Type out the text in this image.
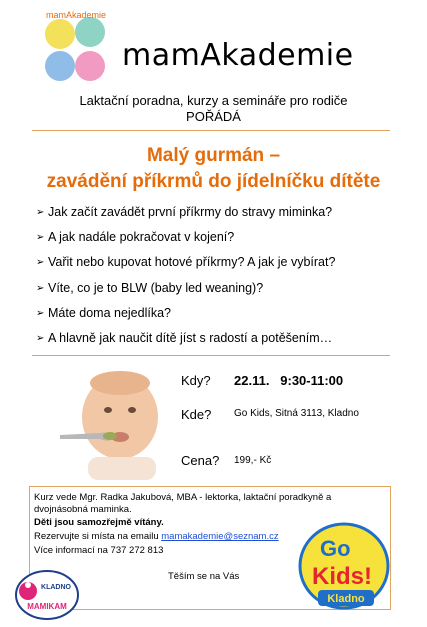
mamAkademie
mamAkademie
Laktační poradna, kurzy a semináře pro rodiče
POŘÁDÁ
Malý gurmán –
zavádění příkrmů do jídelníčku dítěte
➢ Jak začít zavádět první příkrmy do stravy miminka?
➢ A jak nadále pokračovat v kojení?
➢ Vařit nebo kupovat hotové příkrmy? A jak je vybírat?
➢ Víte, co je to BLW (baby led weaning)?
➢ Máte doma nejedlíka?
➢ A hlavně jak naučit dítě jíst s radostí a potěšením…
Kdy? 22.11.   9:30-11:00
Kde? Go Kids, Sitná 3113, Kladno
Cena? 199,- Kč
Kurz vede Mgr. Radka Jakubová, MBA - lektorka, laktační poradkyně a
dvojnásobná maminka.
Děti jsou samozřejmě vítány.
Rezervujte si místa na emailu mamakademie@seznam.cz
Více informací na 737 272 813
Těším se na Vás
KLADNO
MAMIKAM
Go
Kids!
Kladno
